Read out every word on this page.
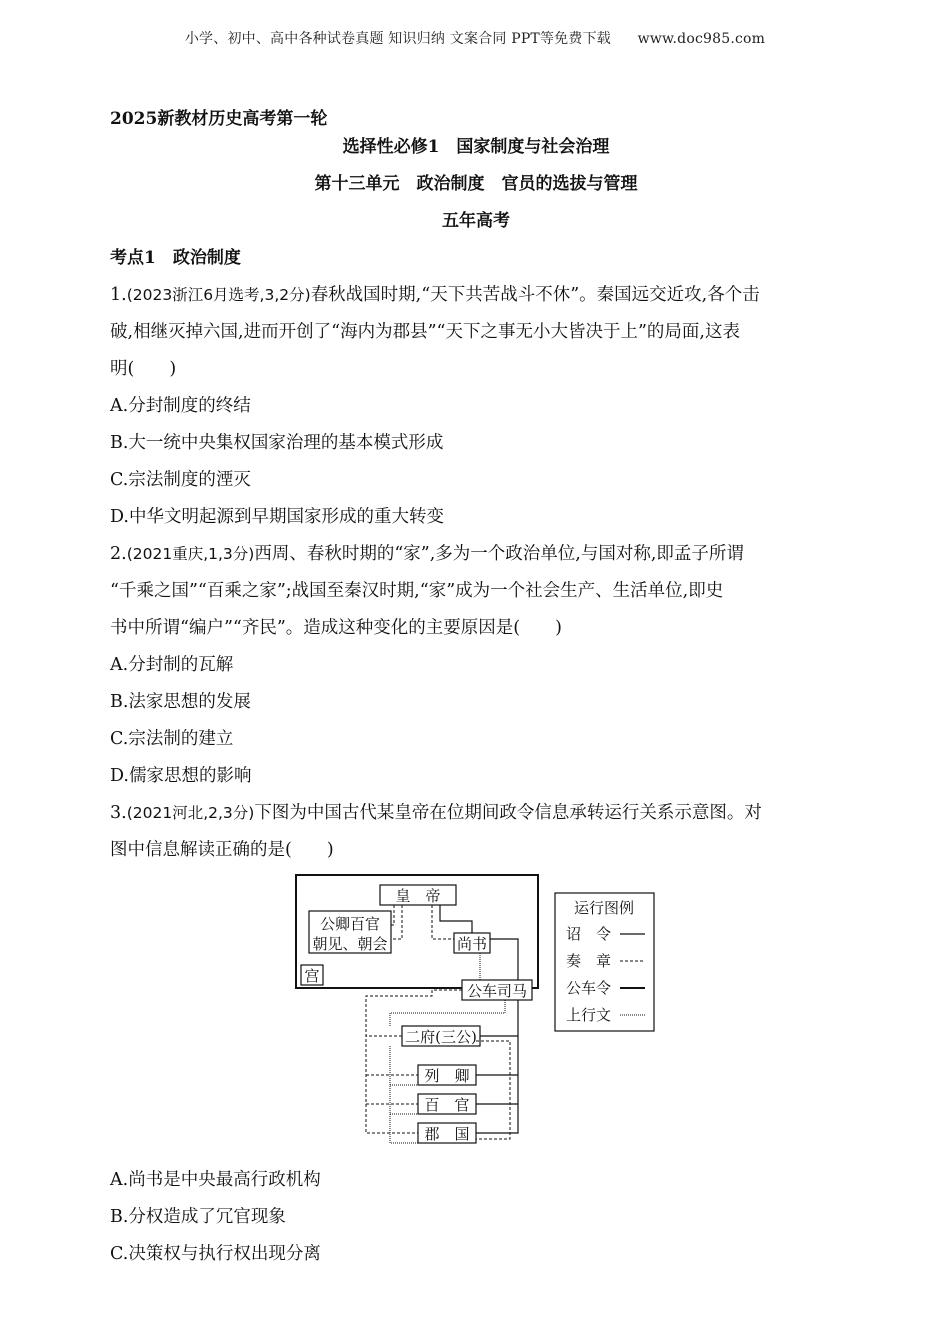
小学、初中、高中各种试卷真题 知识归纳 文案合同 PPT等免费下载 www.doc985.com
2025新教材历史高考第一轮
选择性必修1　国家制度与社会治理
第十三单元　政治制度　官员的选拔与管理
五年高考
考点1　政治制度

1.(2023浙江6月选考,3,2分)春秋战国时期,“天下共苦战斗不休”。秦国远交近攻,各个击

破,相继灭掉六国,进而开创了“海内为郡县”“天下之事无小大皆决于上”的局面,这表

明(　　)

A.分封制度的终结

B.大一统中央集权国家治理的基本模式形成

C.宗法制度的湮灭

D.中华文明起源到早期国家形成的重大转变

2.(2021重庆,1,3分)西周、春秋时期的“家”,多为一个政治单位,与国对称,即孟子所谓

“千乘之国”“百乘之家”;战国至秦汉时期,“家”成为一个社会生产、生活单位,即史

书中所谓“编户”“齐民”。造成这种变化的主要原因是(　　)

A.分封制的瓦解

B.法家思想的发展

C.宗法制的建立

D.儒家思想的影响

3.(2021河北,2,3分)下图为中国古代某皇帝在位期间政令信息承转运行关系示意图。对

图中信息解读正确的是(　　)

皇　帝
公卿百官
朝见、朝会	尚书
宫
公车司马
二府(三公)
列　卿
百　官
郡　国
运行图例
诏　令
奏　章
公车令
上行文

A.尚书是中央最高行政机构

B.分权造成了冗官现象

C.决策权与执行权出现分离
